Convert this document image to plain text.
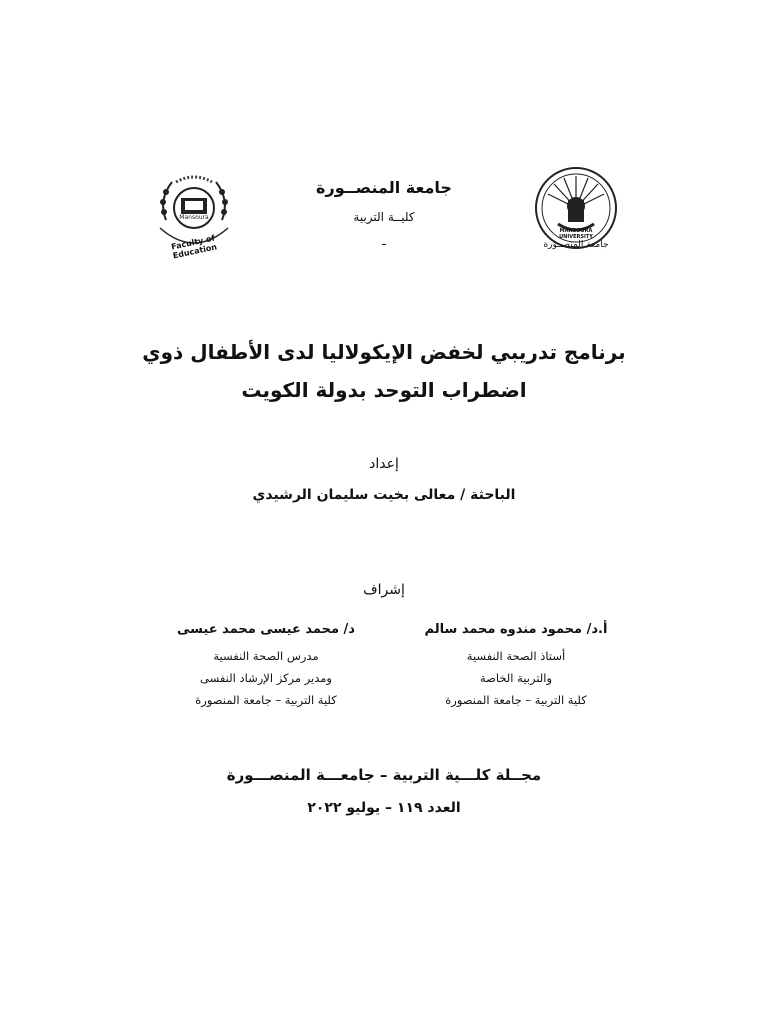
Mansoura
Faculty of Education
MANSOURA UNIVERSITY
جامعة المنصــورة
جامعة المنصــورة
كليــة التربية
ـ
برنامج تدريبي لخفض الإيكولاليا لدى الأطفال ذوي
اضطراب التوحد بدولة الكويت
إعداد
الباحثة / معالى بخيت سليمان الرشيدي
إشراف
أ.د/ محمود مندوه محمد سالم
أستاذ الصحة النفسية
والتربية الخاصة
كلية التربية – جامعة المنصورة
د/ محمد عيسى محمد عيسى
مدرس الصحة النفسية
ومدير مركز الإرشاد النفسى
كلية التربية – جامعة المنصورة
مجــلة كلـــية التربية – جامعـــة المنصـــورة
العدد ١١٩ – يوليو ٢٠٢٢
